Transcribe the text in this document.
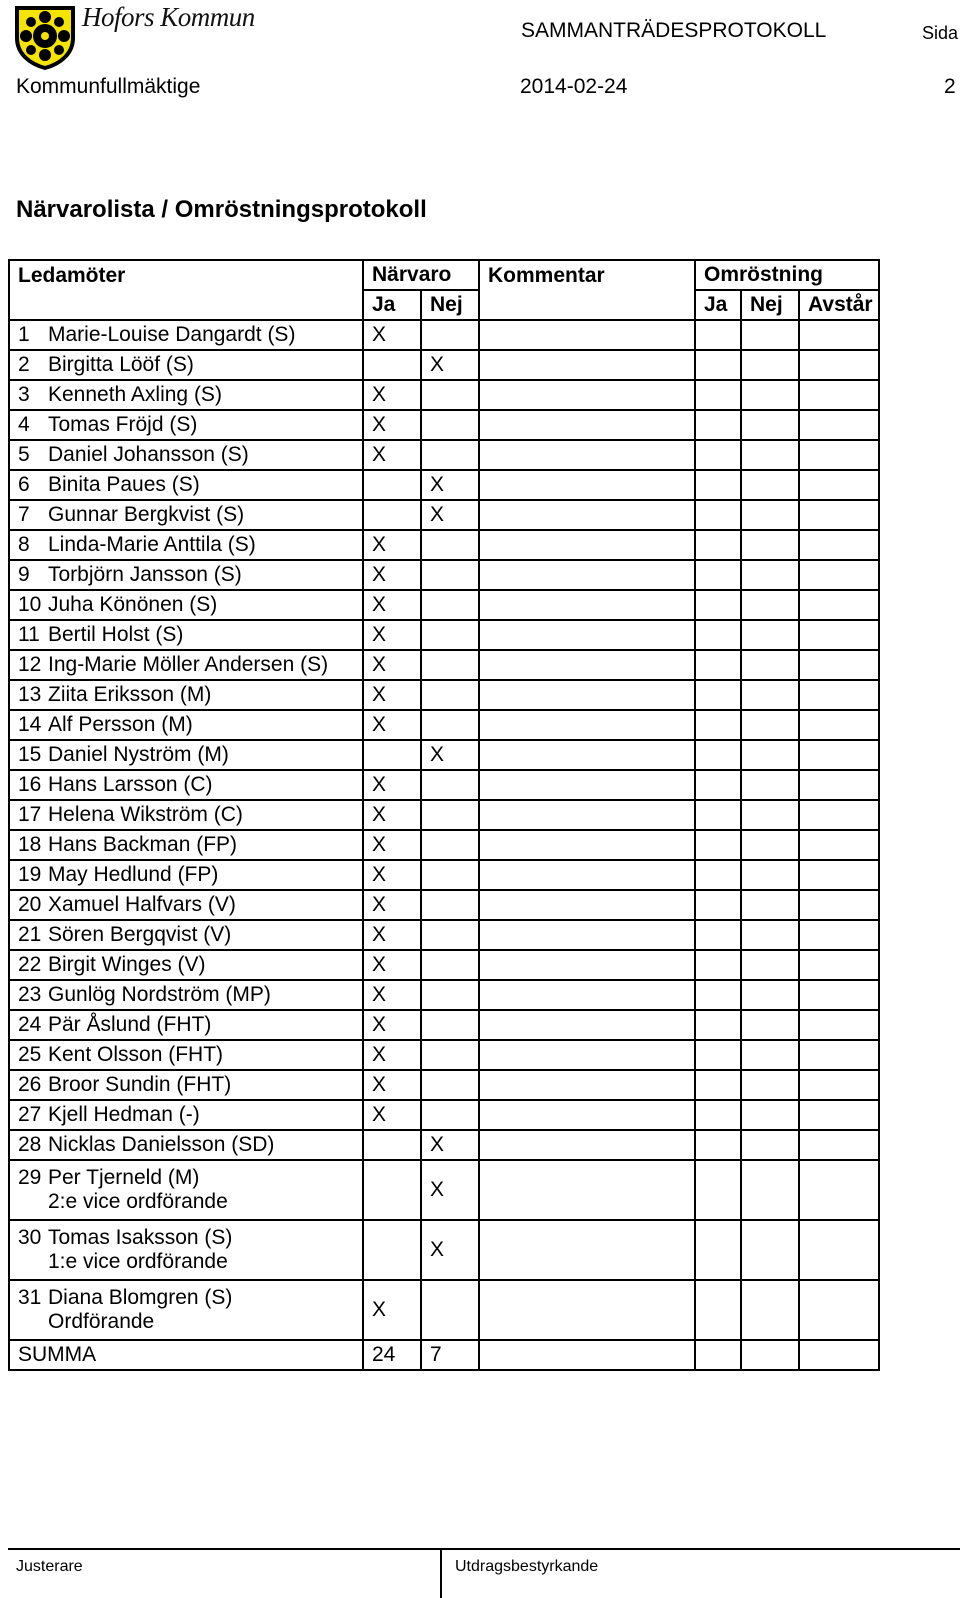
Hofors Kommun	SAMMANTRÄDESPROTOKOLL	Sida
Kommunfullmäktige	2014-02-24	2
Närvarolista / Omröstningsprotokoll
Ledamöter	Närvaro		Kommentar	Omröstning		
	Ja	Nej		Ja	Nej	Avstår
1 Marie-Louise Dangardt (S)	X					
2 Birgitta Lööf (S)		X				
3 Kenneth Axling (S)	X					
4 Tomas Fröjd (S)	X					
5 Daniel Johansson (S)	X					
6 Binita Paues (S)		X				
7 Gunnar Bergkvist (S)		X				
8 Linda-Marie Anttila (S)	X					
9 Torbjörn Jansson (S)	X					
10 Juha Könönen (S)	X					
11 Bertil Holst (S)	X					
12 Ing-Marie Möller Andersen (S)	X					
13 Ziita Eriksson (M)	X					
14 Alf Persson (M)	X					
15 Daniel Nyström (M)		X				
16 Hans Larsson (C)	X					
17 Helena Wikström (C)	X					
18 Hans Backman (FP)	X					
19 May Hedlund (FP)	X					
20 Xamuel Halfvars (V)	X					
21 Sören Bergqvist (V)	X					
22 Birgit Winges (V)	X					
23 Gunlög Nordström (MP)	X					
24 Pär Åslund (FHT)	X					
25 Kent Olsson (FHT)	X					
26 Broor Sundin (FHT)	X					
27 Kjell Hedman (-)	X					
28 Nicklas Danielsson (SD)		X				
29 Per Tjerneld (M)
2:e vice ordförande		X				
30 Tomas Isaksson (S)
1:e vice ordförande		X				
31 Diana Blomgren (S)
Ordförande	X					
SUMMA	24	7				
Justerare	Utdragsbestyrkande
